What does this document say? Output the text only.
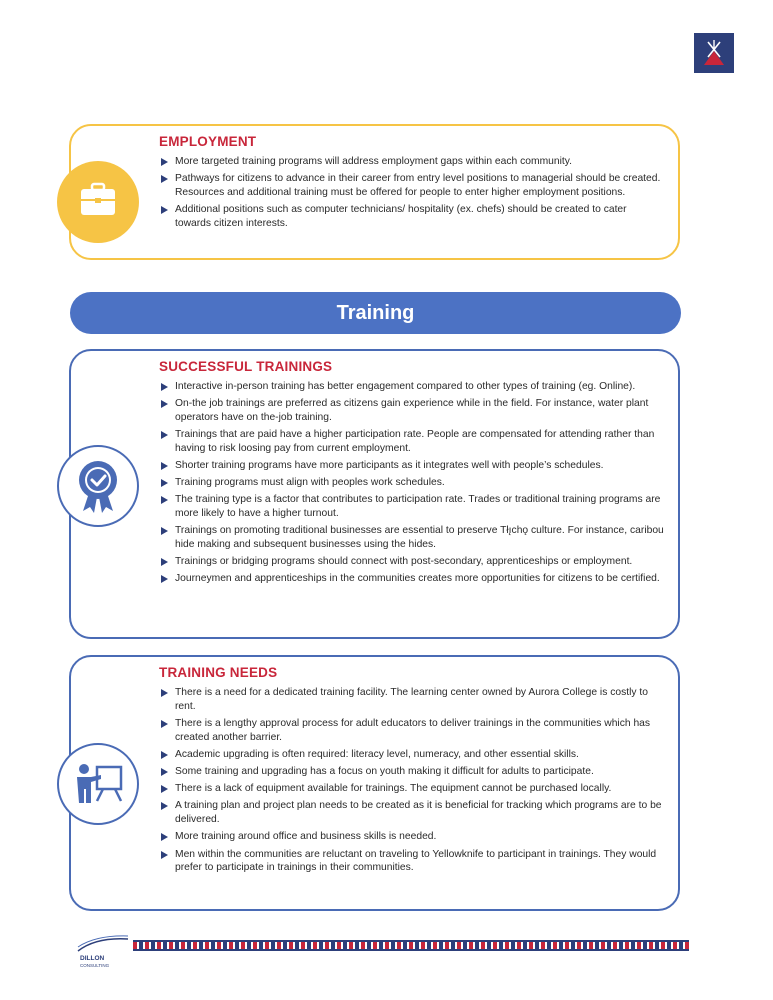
EMPLOYMENT
More targeted training programs will address employment gaps within each community.
Pathways for citizens to advance in their career from entry level positions to managerial should be created. Resources and additional training must be offered for people to enter higher employment positions.
Additional positions such as computer technicians/ hospitality (ex. chefs) should be created to cater towards citizen interests.
Training
SUCCESSFUL TRAININGS
Interactive in-person training has better engagement compared to other types of training (eg. Online).
On-the job trainings are preferred as citizens gain experience while in the field. For instance, water plant operators have on the-job training.
Trainings that are paid have a higher participation rate. People are compensated for attending rather than having to risk loosing pay from current employment.
Shorter training programs have more participants as it integrates well with people’s schedules.
Training programs must align with peoples work schedules.
The training type is a factor that contributes to participation rate. Trades or traditional training programs are more likely to have a higher turnout.
Trainings on promoting traditional businesses are essential to preserve Tłı̨chǫ culture. For instance, caribou hide making and subsequent businesses using the hides.
Trainings or bridging programs should connect with post-secondary, apprenticeships or employment.
Journeymen and apprenticeships in the communities creates more opportunities for citizens to be certified.
TRAINING NEEDS
There is a need for a dedicated training facility. The learning center owned by Aurora College is costly to rent.
There is a lengthy approval process for adult educators to deliver trainings in the communities which has created another barrier.
Academic upgrading is often required: literacy level, numeracy, and other essential skills.
Some training and upgrading has a focus on youth making it difficult for adults to participate.
There is a lack of equipment available for trainings. The equipment cannot be purchased locally.
A training plan and project plan needs to be created as it is beneficial for tracking which programs are to be delivered.
More training around office and business skills is needed.
Men within the communities are reluctant on traveling to Yellowknife to participant in trainings. They would prefer to participate in trainings in their communities.
DILLON
CONSULTING
